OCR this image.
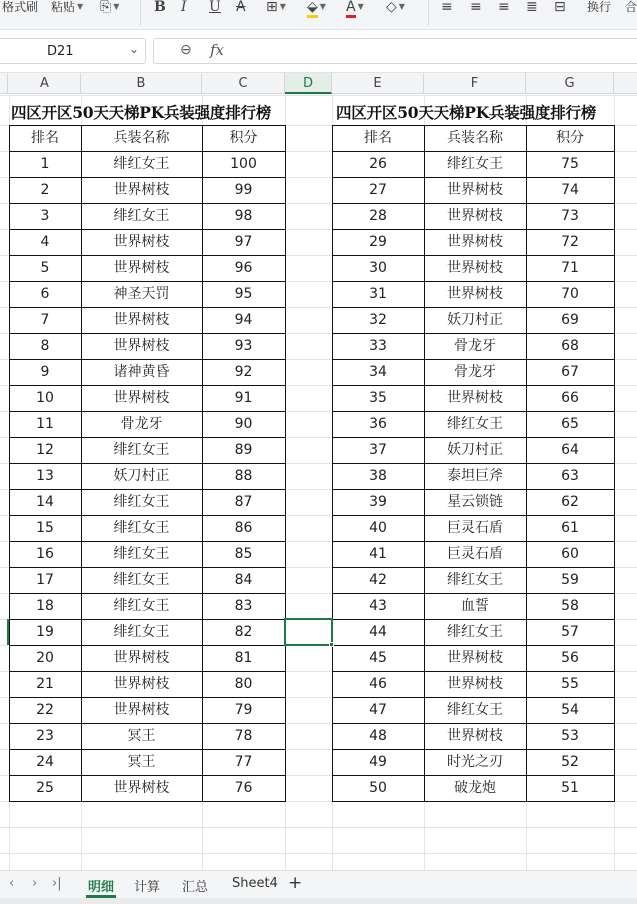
格式刷 粘贴 ▼ ⎘ ▼ B I U A ⊞ ▼ ⬙ ▼ A ▼ ◇ ▼	≡ ≡ ≡ ≣ ⊟ 换行 合
D21	⌄	⊖ fx
A	B	C	D	E	F	G
四区开区50天天梯PK兵装强度排行榜	四区开区50天天梯PK兵装强度排行榜
排名	兵装名称	积分
1	绯红女王	100
2	世界树枝	99
3	绯红女王	98
4	世界树枝	97
5	世界树枝	96
6	神圣天罚	95
7	世界树枝	94
8	世界树枝	93
9	诸神黄昏	92
10	世界树枝	91
11	骨龙牙	90
12	绯红女王	89
13	妖刀村正	88
14	绯红女王	87
15	绯红女王	86
16	绯红女王	85
17	绯红女王	84
18	绯红女王	83
19	绯红女王	82
20	世界树枝	81
21	世界树枝	80
22	世界树枝	79
23	冥王	78
24	冥王	77
25	世界树枝	76
排名	兵装名称	积分
26	绯红女王	75
27	世界树枝	74
28	世界树枝	73
29	世界树枝	72
30	世界树枝	71
31	世界树枝	70
32	妖刀村正	69
33	骨龙牙	68
34	骨龙牙	67
35	世界树枝	66
36	绯红女王	65
37	妖刀村正	64
38	泰坦巨斧	63
39	星云锁链	62
40	巨灵石盾	61
41	巨灵石盾	60
42	绯红女王	59
43	血誓	58
44	绯红女王	57
45	世界树枝	56
46	世界树枝	55
47	绯红女王	54
48	世界树枝	53
49	时光之刃	52
50	破龙炮	51
‹ › ›| 明细 计算 汇总 Sheet4 +
